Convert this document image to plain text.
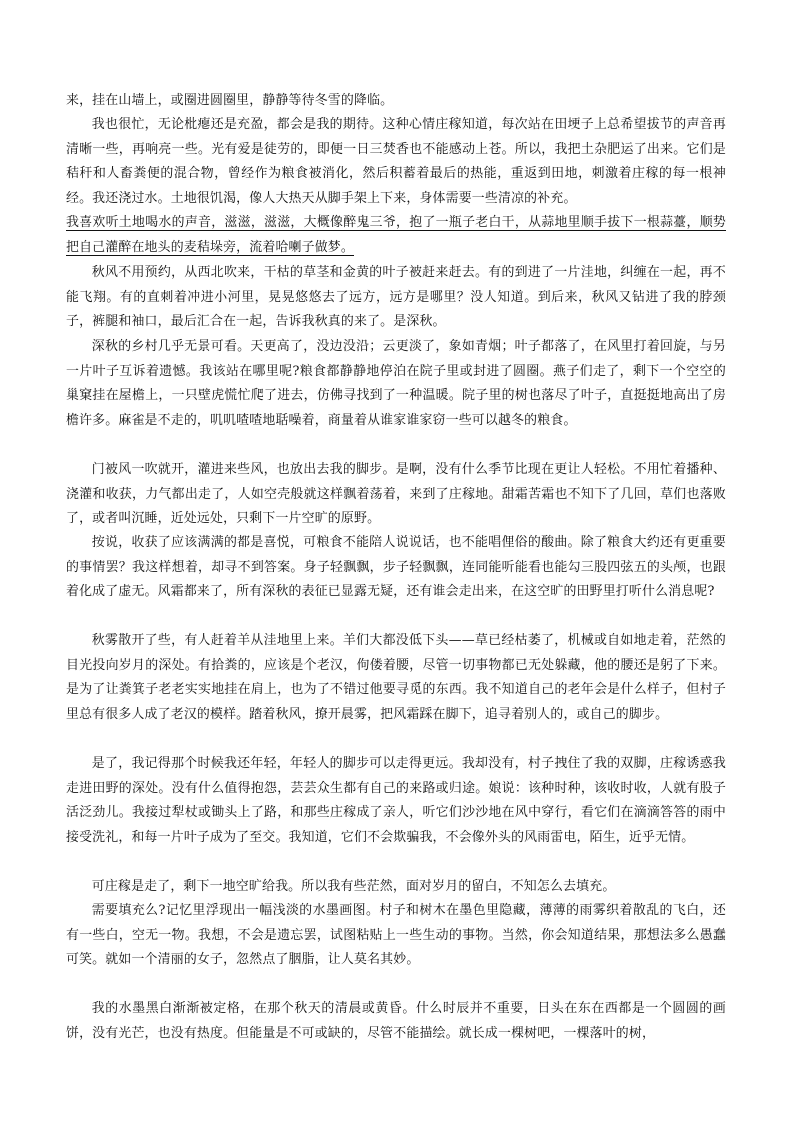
来，挂在山墙上，或圈进圆圈里，静静等待冬雪的降临。

我也很忙，无论枇瘪还是充盈，都会是我的期待。这种心情庄稼知道，每次站在田埂子上总希望拔节的声音再清晰一些，再响亮一些。光有爱是徒劳的，即便一日三焚香也不能感动上苍。所以，我把土杂肥运了出来。它们是秸秆和人畜粪便的混合物，曾经作为粮食被消化，然后积蓄着最后的热能，重返到田地，刺激着庄稼的每一根神经。我还浇过水。土地很饥渴，像人大热天从脚手架上下来，身体需要一些清凉的补充。

我喜欢听土地喝水的声音，滋滋，滋滋，大概像醉鬼三爷，抱了一瓶子老白干，从蒜地里顺手拔下一根蒜薹，顺势把自己灌醉在地头的麦秸垛旁，流着哈喇子做梦。

秋风不用预约，从西北吹来，干枯的草茎和金黄的叶子被赶来赶去。有的到进了一片洼地，纠缠在一起，再不能飞翔。有的直刺着冲进小河里，晃晃悠悠去了远方，远方是哪里？没人知道。到后来，秋风又钻进了我的脖颈子，裤腿和袖口，最后汇合在一起，告诉我秋真的来了。是深秋。

深秋的乡村几乎无景可看。天更高了，没边没沿；云更淡了，象如青烟；叶子都落了，在风里打着回旋，与另一片叶子互诉着遗憾。我该站在哪里呢?粮食都静静地停泊在院子里或封进了圆圈。燕子们走了，剩下一个空空的巢窠挂在屋檐上，一只壁虎慌忙爬了进去，仿佛寻找到了一种温暖。院子里的树也落尽了叶子，直挺挺地高出了房檐许多。麻雀是不走的，叽叽喳喳地聒噪着，商量着从谁家谁家窃一些可以越冬的粮食。

门被风一吹就开，灌进来些风，也放出去我的脚步。是啊，没有什么季节比现在更让人轻松。不用忙着播种、浇灌和收获，力气都出走了，人如空壳般就这样飘着荡着，来到了庄稼地。甜霜苦霜也不知下了几回，草们也落败了，或者叫沉睡，近处远处，只剩下一片空旷的原野。

按说，收获了应该满满的都是喜悦，可粮食不能陪人说说话，也不能唱俚俗的酸曲。除了粮食大约还有更重要的事情罢？我这样想着，却寻不到答案。身子轻飘飘，步子轻飘飘，连同能听能看也能勾三股四弦五的头颅，也跟着化成了虚无。风霜都来了，所有深秋的表征已显露无疑，还有谁会走出来，在这空旷的田野里打听什么消息呢?

秋雾散开了些，有人赶着羊从洼地里上来。羊们大都没低下头——草已经枯萎了，机械或自如地走着，茫然的目光投向岁月的深处。有拾粪的，应该是个老汉，佝偻着腰，尽管一切事物都已无处躲藏，他的腰还是躬了下来。是为了让粪箕子老老实实地挂在肩上，也为了不错过他要寻觅的东西。我不知道自己的老年会是什么样子，但村子里总有很多人成了老汉的模样。踏着秋风，撩开晨雾，把风霜踩在脚下，追寻着别人的，或自己的脚步。

是了，我记得那个时候我还年轻，年轻人的脚步可以走得更远。我却没有，村子拽住了我的双脚，庄稼诱惑我走进田野的深处。没有什么值得抱怨，芸芸众生都有自己的来路或归途。娘说：该种时种，该收时收，人就有股子活泛劲儿。我接过犁杖或锄头上了路，和那些庄稼成了亲人，听它们沙沙地在风中穿行，看它们在滴滴答答的雨中接受洗礼，和每一片叶子成为了至交。我知道，它们不会欺骗我，不会像外头的风雨雷电，陌生，近乎无情。

可庄稼是走了，剩下一地空旷给我。所以我有些茫然，面对岁月的留白，不知怎么去填充。

需要填充么?记忆里浮现出一幅浅淡的水墨画图。村子和树木在墨色里隐藏，薄薄的雨雾织着散乱的飞白，还有一些白，空无一物。我想，不会是遗忘罢，试图粘贴上一些生动的事物。当然，你会知道结果，那想法多么愚蠢可笑。就如一个清丽的女子，忽然点了胭脂，让人莫名其妙。

我的水墨黑白渐渐被定格，在那个秋天的清晨或黄昏。什么时辰并不重要，日头在东在西都是一个圆圆的画饼，没有光芒，也没有热度。但能量是不可或缺的，尽管不能描绘。就长成一棵树吧，一棵落叶的树，
